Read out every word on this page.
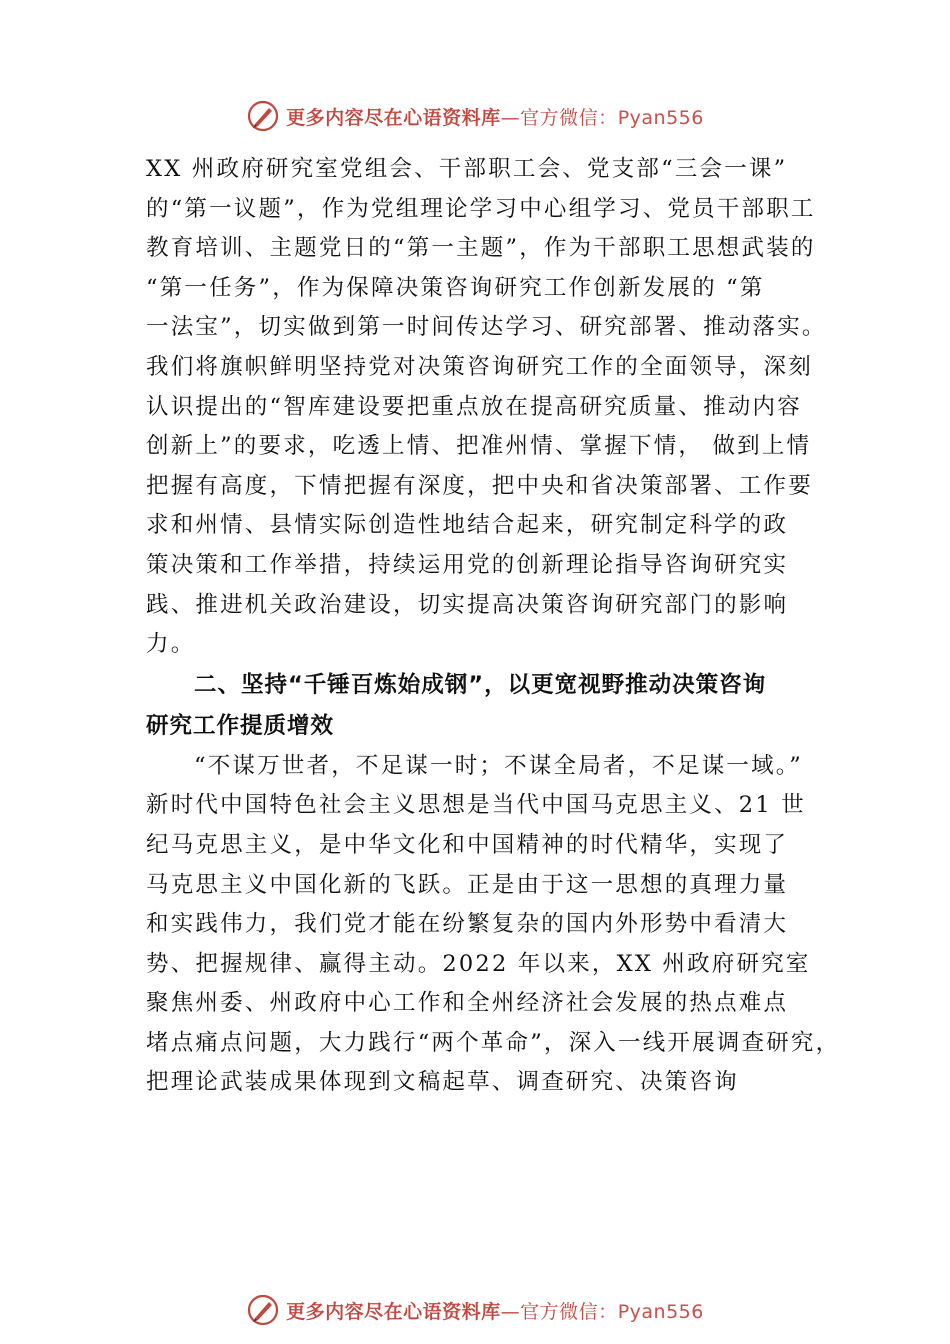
更多内容尽在心语资料库—官方微信：Pyan556
XX 州政府研究室党组会、干部职工会、党支部“三会一课”
的“第一议题”，作为党组理论学习中心组学习、党员干部职工
教育培训、主题党日的“第一主题”，作为干部职工思想武装的
“第一任务”，作为保障决策咨询研究工作创新发展的 “第
一法宝”，切实做到第一时间传达学习、研究部署、推动落实。
我们将旗帜鲜明坚持党对决策咨询研究工作的全面领导，深刻
认识提出的“智库建设要把重点放在提高研究质量、推动内容
创新上”的要求，吃透上情、把准州情、掌握下情， 做到上情
把握有高度，下情把握有深度，把中央和省决策部署、工作要
求和州情、县情实际创造性地结合起来，研究制定科学的政
策决策和工作举措，持续运用党的创新理论指导咨询研究实
践、推进机关政治建设，切实提高决策咨询研究部门的影响
力。
二、坚持“千锤百炼始成钢”，以更宽视野推动决策咨询
研究工作提质增效
“不谋万世者，不足谋一时；不谋全局者，不足谋一域。”
新时代中国特色社会主义思想是当代中国马克思主义、21 世
纪马克思主义，是中华文化和中国精神的时代精华，实现了
马克思主义中国化新的飞跃。正是由于这一思想的真理力量
和实践伟力，我们党才能在纷繁复杂的国内外形势中看清大
势、把握规律、赢得主动。2022 年以来，XX 州政府研究室
聚焦州委、州政府中心工作和全州经济社会发展的热点难点
堵点痛点问题，大力践行“两个革命”，深入一线开展调查研究，
把理论武装成果体现到文稿起草、调查研究、决策咨询
更多内容尽在心语资料库—官方微信：Pyan556
